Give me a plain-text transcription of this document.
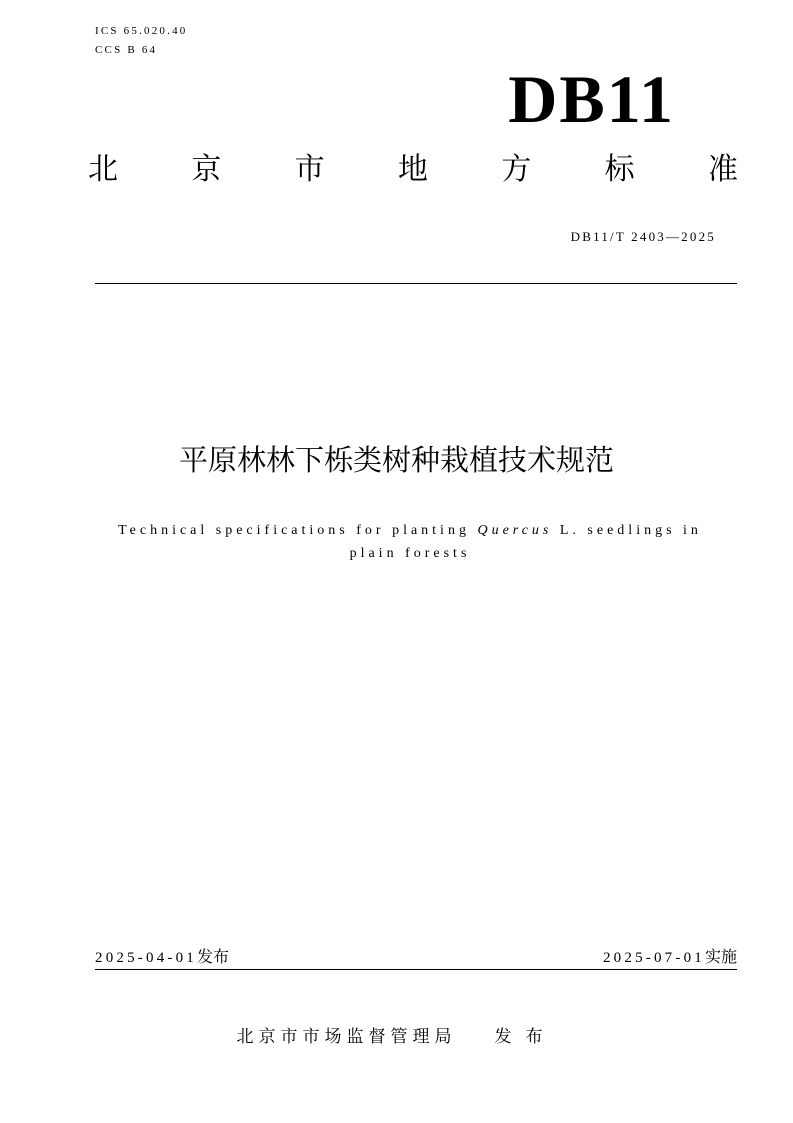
ICS 65.020.40
CCS B 64
DB11
北 京 市 地 方 标 准
DB11/T 2403—2025
平原林林下栎类树种栽植技术规范
Technical specifications for planting Quercus L. seedlings in plain forests
2025-04-01发布	2025-07-01实施
北京市市场监督管理局 发布
